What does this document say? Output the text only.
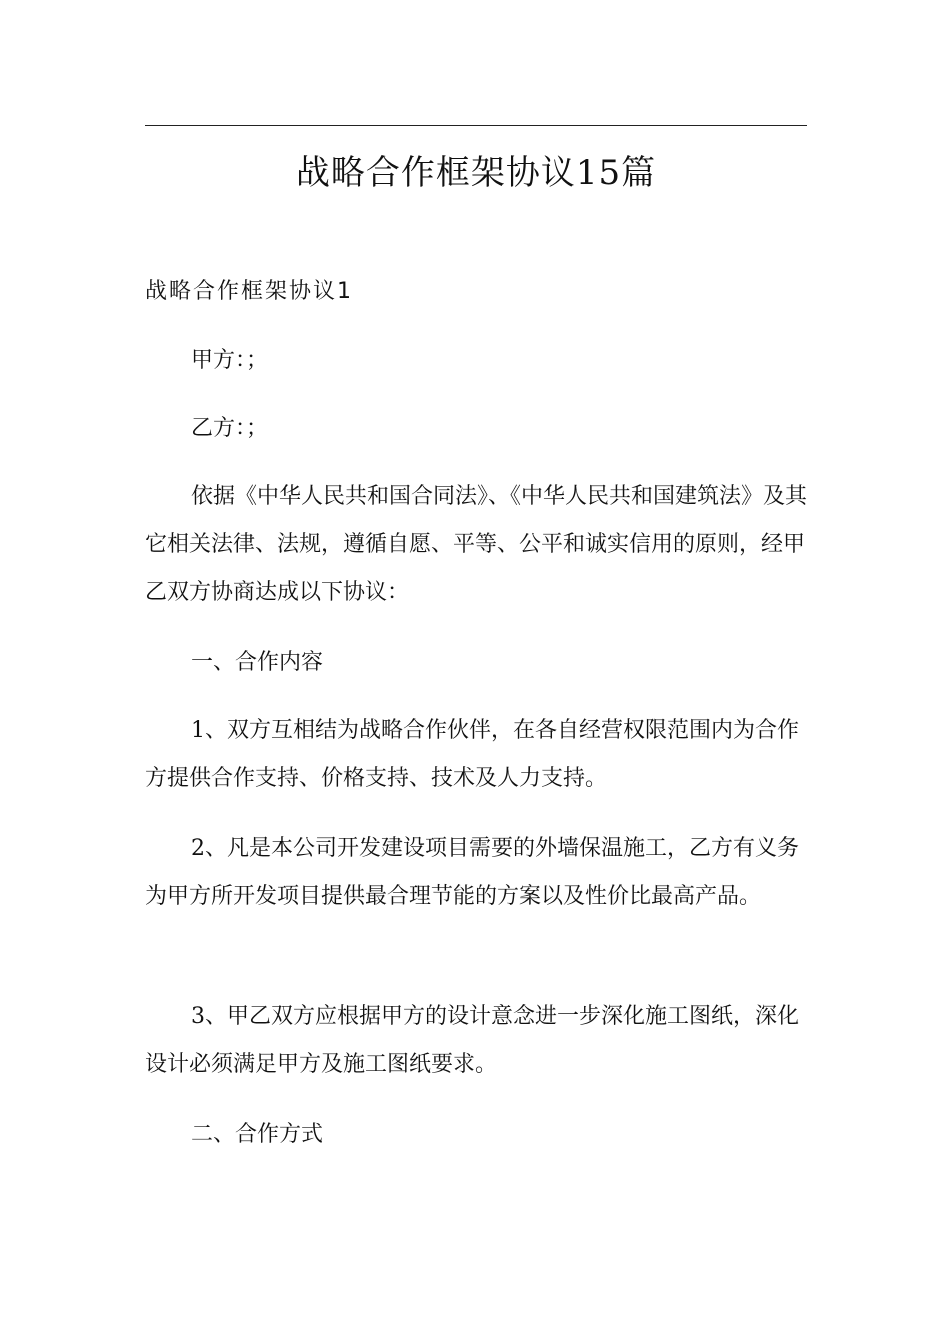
战略合作框架协议15篇
战略合作框架协议1

甲方：；

乙方：；

依据《中华人民共和国合同法》、《中华人民共和国建筑法》及其它相关法律、法规，遵循自愿、平等、公平和诚实信用的原则，经甲乙双方协商达成以下协议：

一、合作内容

1、双方互相结为战略合作伙伴，在各自经营权限范围内为合作方提供合作支持、价格支持、技术及人力支持。

2、凡是本公司开发建设项目需要的外墙保温施工，乙方有义务为甲方所开发项目提供最合理节能的方案以及性价比最高产品。

3、甲乙双方应根据甲方的设计意念进一步深化施工图纸，深化设计必须满足甲方及施工图纸要求。

二、合作方式
